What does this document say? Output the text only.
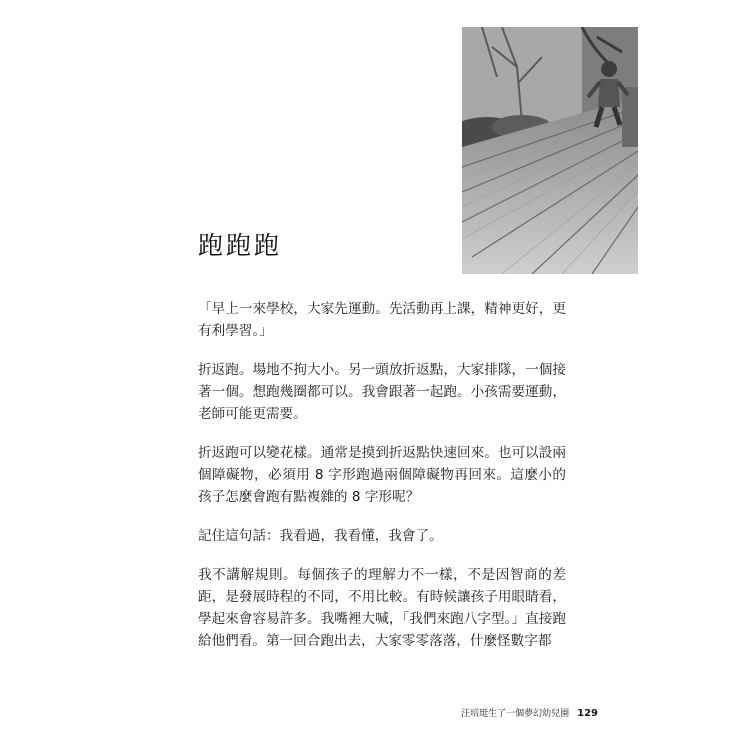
跑跑跑

「早上一來學校，大家先運動。先活動再上課，精神更好，更有利學習。」

折返跑。場地不拘大小。另一頭放折返點，大家排隊，一個接著一個。想跑幾圈都可以。我會跟著一起跑。小孩需要運動，老師可能更需要。

折返跑可以變花樣。通常是摸到折返點快速回來。也可以設兩個障礙物，必須用 8 字形跑過兩個障礙物再回來。這麼小的孩子怎麼會跑有點複雜的 8 字形呢？

記住這句話：我看過，我看懂，我會了。

我不講解規則。每個孩子的理解力不一樣，不是因智商的差距，是發展時程的不同，不用比較。有時候讓孩子用眼睛看，學起來會容易許多。我嘴裡大喊，「我們來跑八字型。」直接跑給他們看。第一回合跑出去，大家零零落落，什麼怪數字都

汪培珽生了一個夢幻幼兒園 129
